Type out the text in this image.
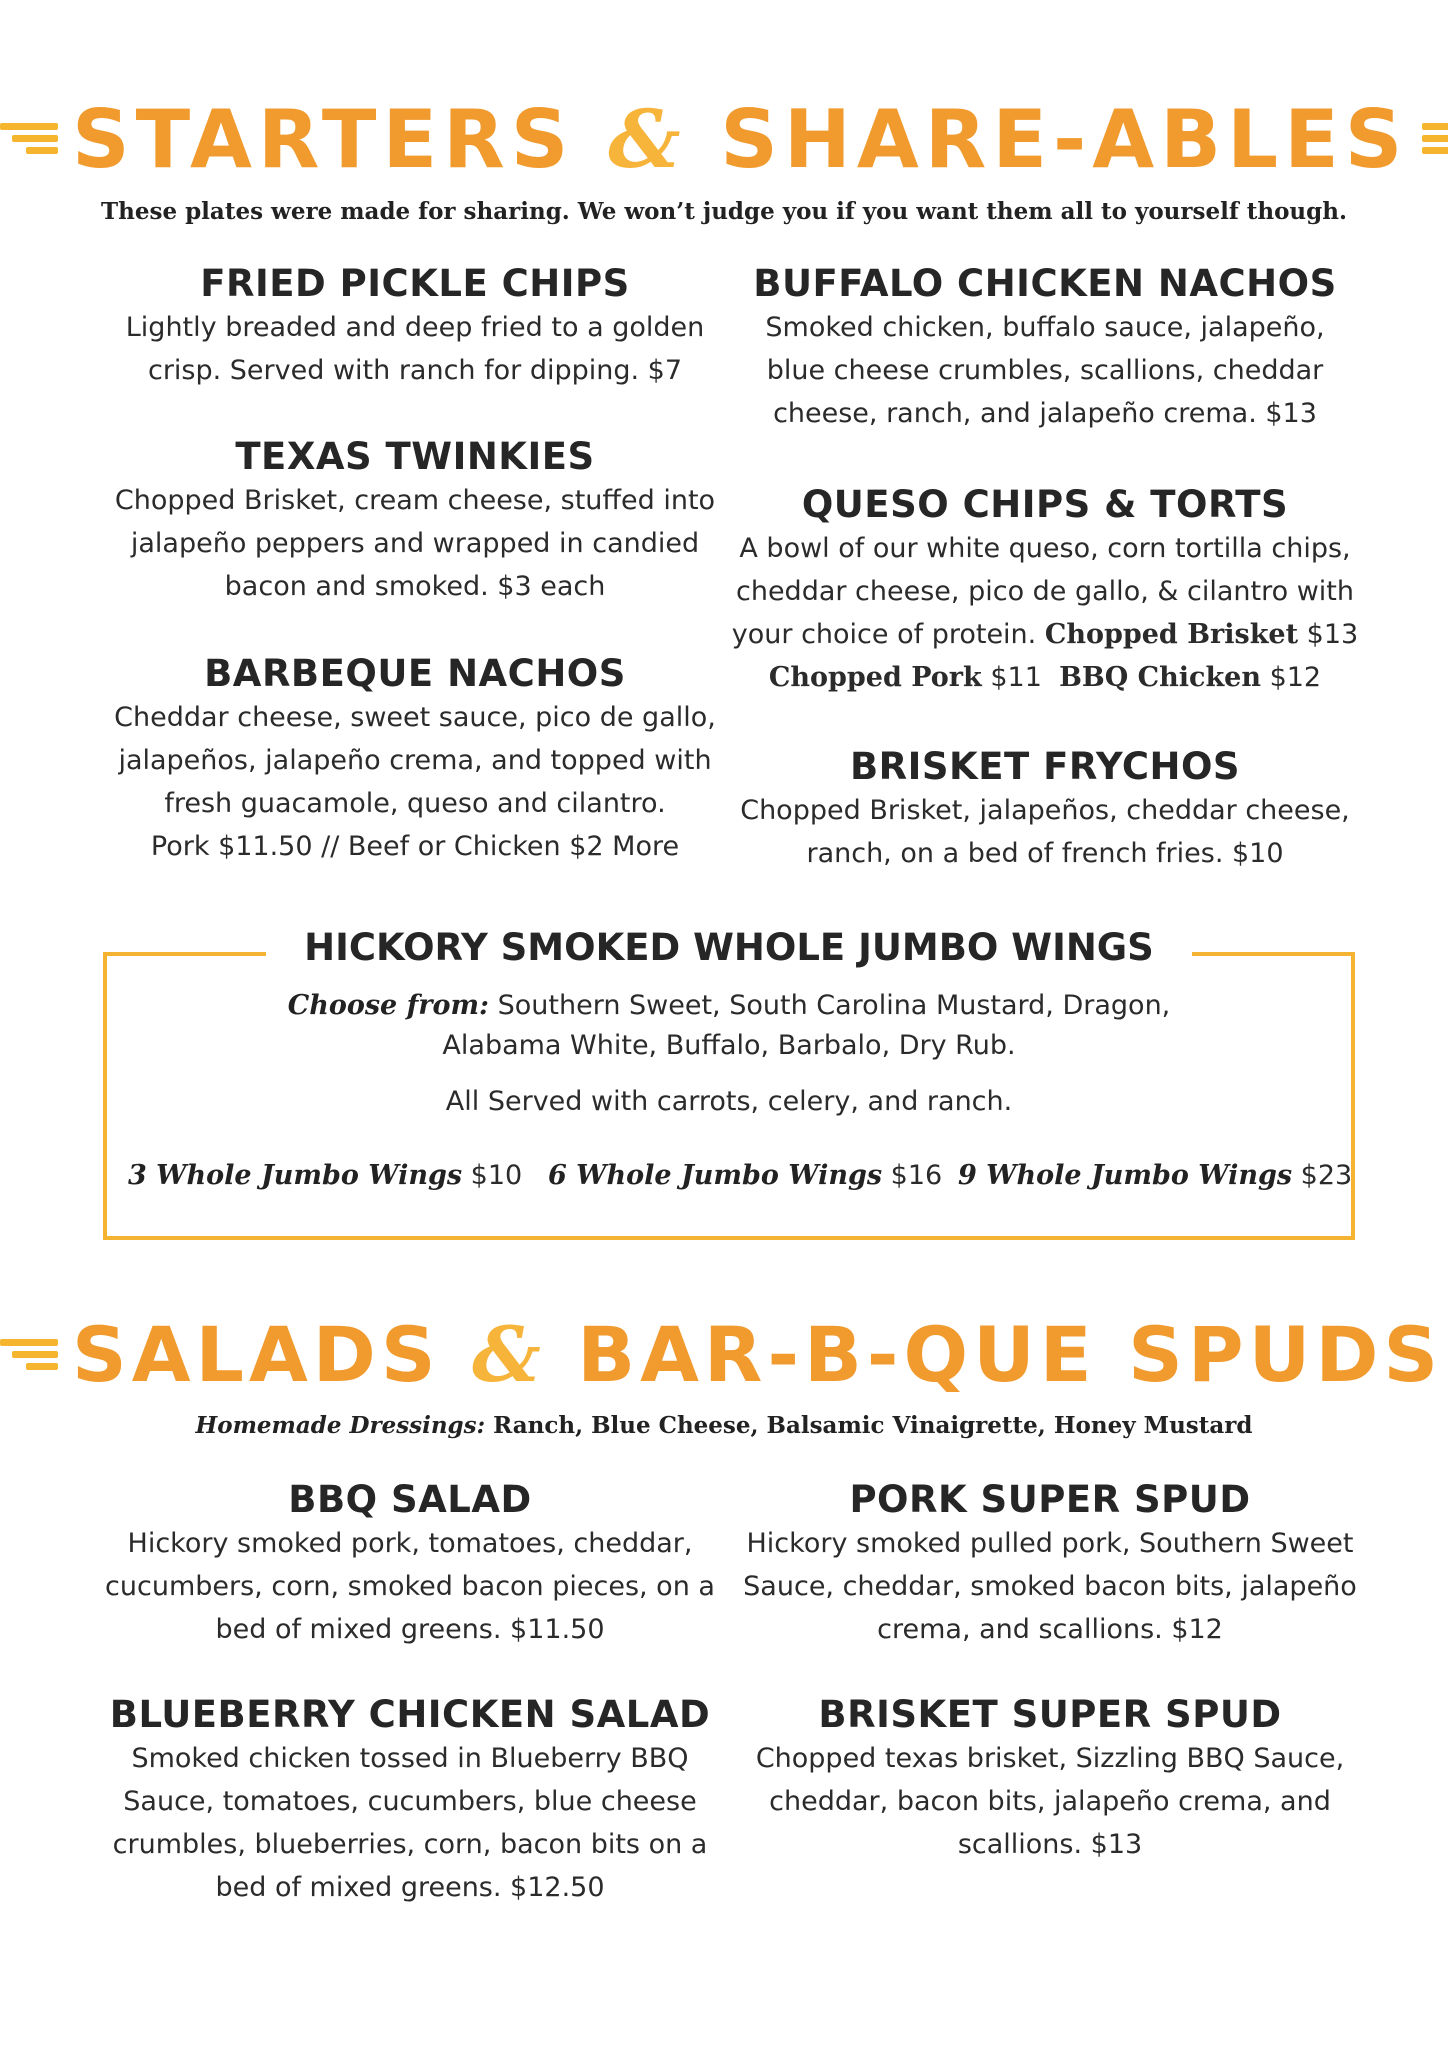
STARTERS & SHARE-ABLES
These plates were made for sharing. We won’t judge you if you want them all to yourself though.
FRIED PICKLE CHIPS
Lightly breaded and deep fried to a golden crisp. Served with ranch for dipping. $7
TEXAS TWINKIES
Chopped Brisket, cream cheese, stuffed into jalapeño peppers and wrapped in candied bacon and smoked. $3 each
BARBEQUE NACHOS
Cheddar cheese, sweet sauce, pico de gallo, jalapeños, jalapeño crema, and topped with fresh guacamole, queso and cilantro.
Pork $11.50 // Beef or Chicken $2 More
BUFFALO CHICKEN NACHOS
Smoked chicken, buffalo sauce, jalapeño, blue cheese crumbles, scallions, cheddar cheese, ranch, and jalapeño crema. $13
QUESO CHIPS & TORTS
A bowl of our white queso, corn tortilla chips, cheddar cheese, pico de gallo, & cilantro with your choice of protein. Chopped Brisket $13
Chopped Pork $11 BBQ Chicken $12
BRISKET FRYCHOS
Chopped Brisket, jalapeños, cheddar cheese, ranch, on a bed of french fries. $10
HICKORY SMOKED WHOLE JUMBO WINGS
Choose from: Southern Sweet, South Carolina Mustard, Dragon,
Alabama White, Buffalo, Barbalo, Dry Rub.
All Served with carrots, celery, and ranch.
3 Whole Jumbo Wings $10 6 Whole Jumbo Wings $16 9 Whole Jumbo Wings $23
SALADS & BAR-B-QUE SPUDS
Homemade Dressings: Ranch, Blue Cheese, Balsamic Vinaigrette, Honey Mustard
BBQ SALAD
Hickory smoked pork, tomatoes, cheddar, cucumbers, corn, smoked bacon pieces, on a bed of mixed greens. $11.50
BLUEBERRY CHICKEN SALAD
Smoked chicken tossed in Blueberry BBQ Sauce, tomatoes, cucumbers, blue cheese crumbles, blueberries, corn, bacon bits on a bed of mixed greens. $12.50
PORK SUPER SPUD
Hickory smoked pulled pork, Southern Sweet Sauce, cheddar, smoked bacon bits, jalapeño crema, and scallions. $12
BRISKET SUPER SPUD
Chopped texas brisket, Sizzling BBQ Sauce, cheddar, bacon bits, jalapeño crema, and scallions. $13
